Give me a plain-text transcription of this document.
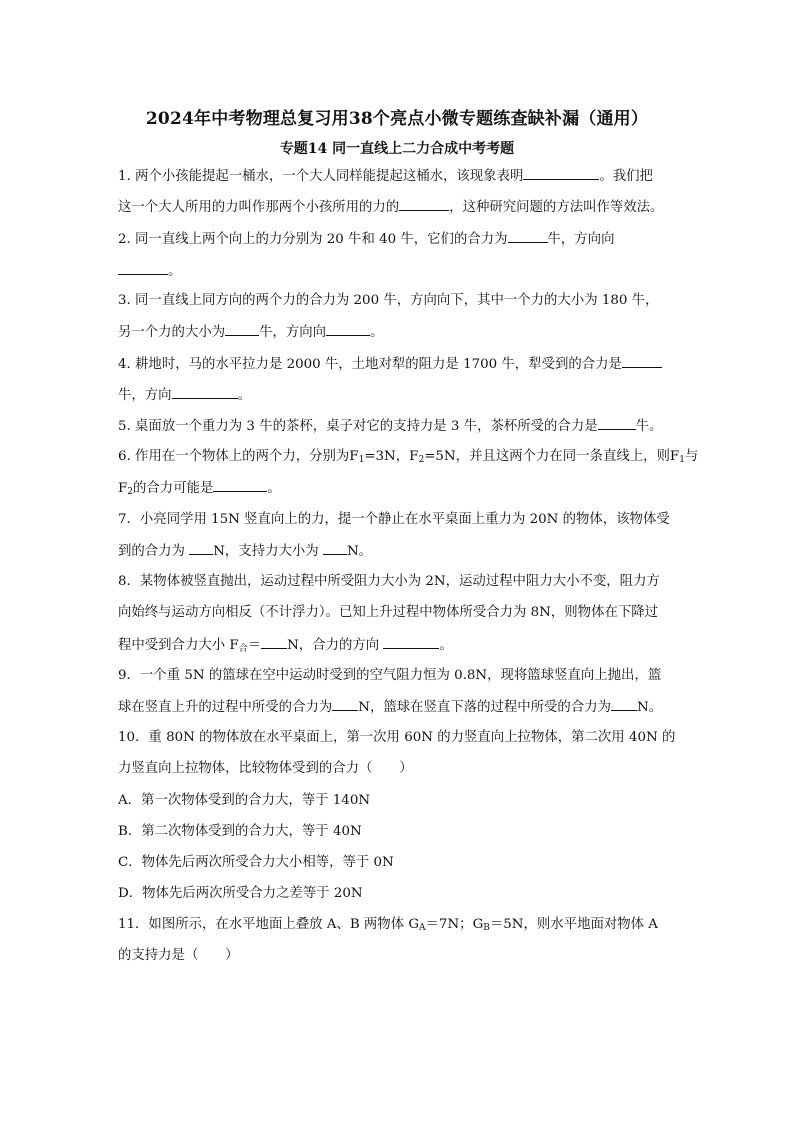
2024年中考物理总复习用38个亮点小微专题练查缺补漏（通用）
专题14 同一直线上二力合成中考考题
1. 两个小孩能提起一桶水，一个大人同样能提起这桶水，该现象表明	。我们把
这一个大人所用的力叫作那两个小孩所用的力的	，这种研究问题的方法叫作等效法。
2. 同一直线上两个向上的力分别为 20 牛和 40 牛，它们的合力为	牛，方向向
。
3. 同一直线上同方向的两个力的合力为 200 牛，方向向下，其中一个力的大小为 180 牛，
另一个力的大小为	牛，方向向	。
4. 耕地时，马的水平拉力是 2000 牛，土地对犁的阻力是 1700 牛，犁受到的合力是
牛，方向	。
5. 桌面放一个重力为 3 牛的茶杯，桌子对它的支持力是 3 牛，茶杯所受的合力是	牛。
6. 作用在一个物体上的两个力，分别为$F_1=3N$，$F_2=5N$，并且这两个力在同一条直线上，则$F_1$与
$F_2$的合力可能是	。
7．小亮同学用 15N 竖直向上的力，提一个静止在水平桌面上重力为 20N 的物体，该物体受
到的合力为 N，支持力大小为 N。
8．某物体被竖直抛出，运动过程中所受阻力大小为 2N，运动过程中阻力大小不变，阻力方
向始终与运动方向相反（不计浮力）。已知上升过程中物体所受合力为 8N，则物体在下降过
程中受到合力大小 $F_合= N$，合力的方向	。
9．一个重 5N 的篮球在空中运动时受到的空气阻力恒为 0.8N，现将篮球竖直向上抛出，篮
球在竖直上升的过程中所受的合力为 N，篮球在竖直下落的过程中所受的合力为 N。
10．重 80N 的物体放在水平桌面上，第一次用 60N 的力竖直向上拉物体，第二次用 40N 的
力竖直向上拉物体，比较物体受到的合力（　　）
A．第一次物体受到的合力大，等于 140N
B．第二次物体受到的合力大，等于 40N
C．物体先后两次所受合力大小相等，等于 0N
D．物体先后两次所受合力之差等于 20N
11．如图所示，在水平地面上叠放 A、B 两物体 $G_A=7N$；$G_B=5N$，则水平地面对物体 A
的支持力是（　　）
